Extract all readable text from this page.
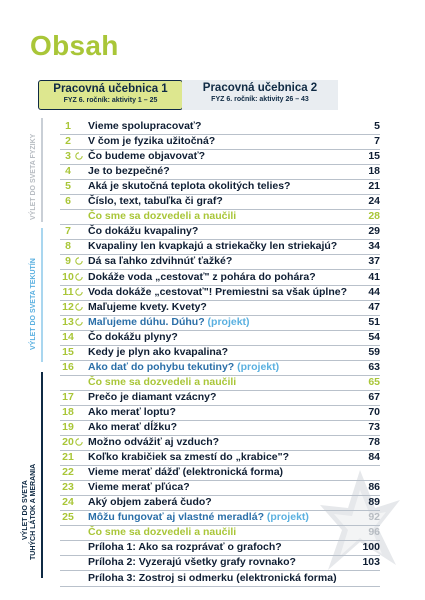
Obsah
Pracovná učebnica 1
FYZ 6. ročník: aktivity 1 – 25
Pracovná učebnica 2
FYZ 6. ročník: aktivity 26 – 43
VÝLET DO SVETA FYZIKY
VÝLET DO SVETA TEKUTÍN
VÝLET DO SVETA TUHÝCH LÁTOK A MERANIA
1	Vieme spolupracovať?	5
2	V čom je fyzika užitočná?	7
3	Čo budeme objavovať?	15
4	Je to bezpečné?	18
5	Aká je skutočná teplota okolitých telies?	21
6	Číslo, text, tabuľka či graf?	24
Čo sme sa dozvedeli a naučili	28
7	Čo dokážu kvapaliny?	29
8	Kvapaliny len kvapkajú a striekačky len striekajú?	34
9	Dá sa ľahko zdvihnúť ťažké?	37
10 Dokáže voda „cestovať" z pohára do pohára?	41
11 Voda dokáže „cestovať"! Premiestni sa však úplne? 44
12 Maľujeme kvety. Kvety?	47
13 Maľujeme dúhu. Dúhu? (projekt)	51
14 Čo dokážu plyny?	54
15 Kedy je plyn ako kvapalina?	59
16 Ako dať do pohybu tekutiny? (projekt)	63
Čo sme sa dozvedeli a naučili	65
17 Prečo je diamant vzácny?	67
18 Ako merať loptu?	70
19 Ako merať dĺžku?	73
20 Možno odvážiť aj vzduch?	78
21 Koľko krabičiek sa zmestí do „krabice"?	84
22 Vieme merať dážď (elektronická forma)
23 Vieme merať pľúca?	86
24 Aký objem zaberá čudo?	89
25 Môžu fungovať aj vlastné meradlá? (projekt)	92
Čo sme sa dozvedeli a naučili	96
Príloha 1: Ako sa rozprávať o grafoch?	100
Príloha 2: Vyzerajú všetky grafy rovnako?	103
Príloha 3: Zostroj si odmerku (elektronická forma)
